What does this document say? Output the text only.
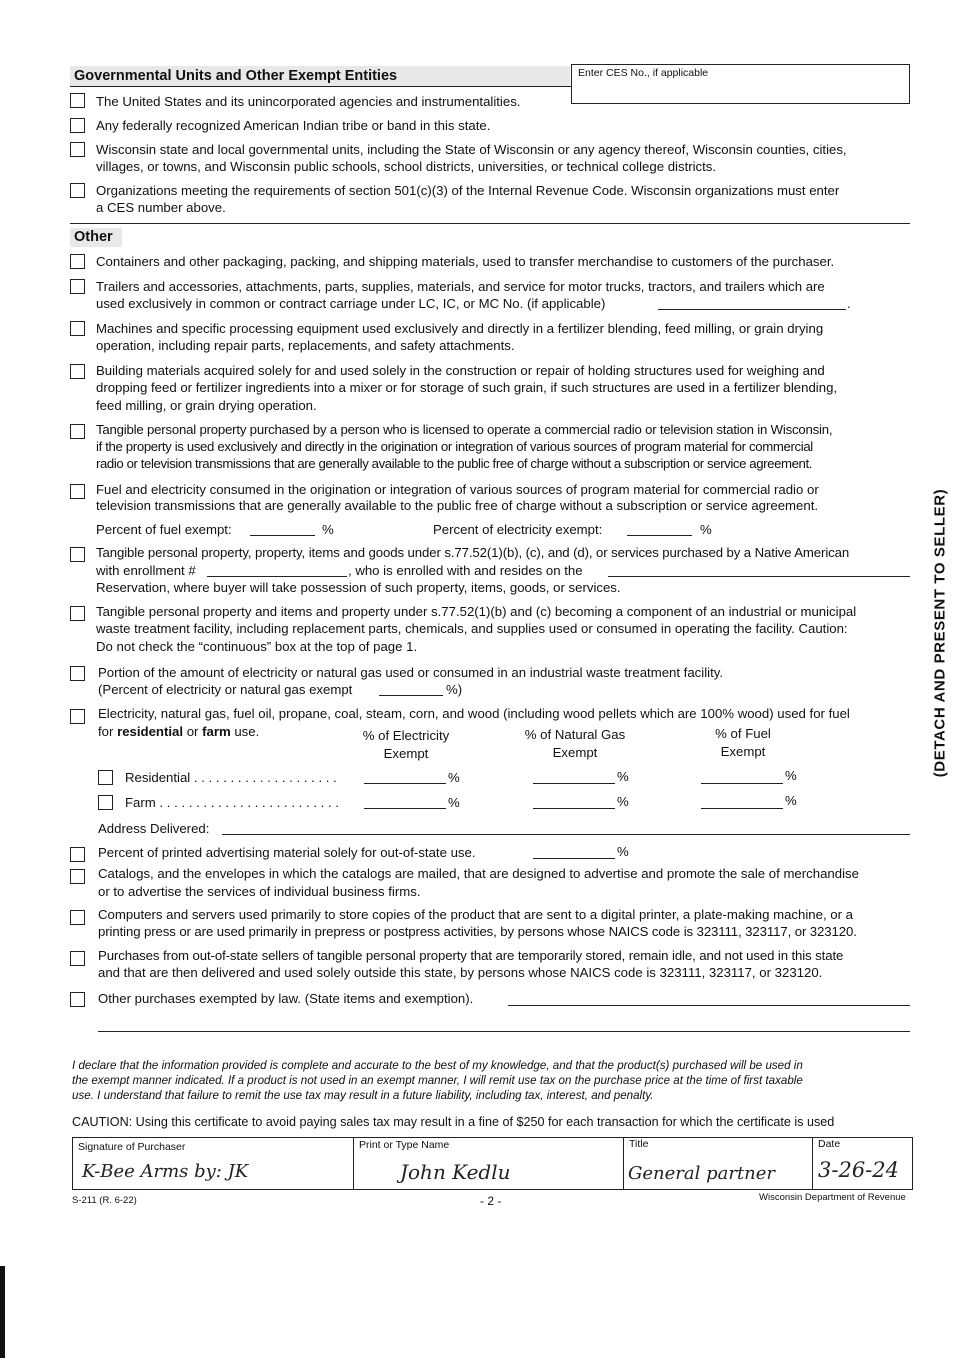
Governmental Units and Other Exempt Entities	Enter CES No., if applicable
The United States and its unincorporated agencies and instrumentalities.
Any federally recognized American Indian tribe or band in this state.
Wisconsin state and local governmental units, including the State of Wisconsin or any agency thereof, Wisconsin counties, cities,
villages, or towns, and Wisconsin public schools, school districts, universities, or technical college districts.
Organizations meeting the requirements of section 501(c)(3) of the Internal Revenue Code. Wisconsin organizations must enter
a CES number above.
Other
Containers and other packaging, packing, and shipping materials, used to transfer merchandise to customers of the purchaser.
Trailers and accessories, attachments, parts, supplies, materials, and service for motor trucks, tractors, and trailers which are
used exclusively in common or contract carriage under LC, IC, or MC No. (if applicable)	.
Machines and specific processing equipment used exclusively and directly in a fertilizer blending, feed milling, or grain drying
operation, including repair parts, replacements, and safety attachments.
Building materials acquired solely for and used solely in the construction or repair of holding structures used for weighing and
dropping feed or fertilizer ingredients into a mixer or for storage of such grain, if such structures are used in a fertilizer blending,
feed milling, or grain drying operation.
Tangible personal property purchased by a person who is licensed to operate a commercial radio or television station in Wisconsin,
if the property is used exclusively and directly in the origination or integration of various sources of program material for commercial
radio or television transmissions that are generally available to the public free of charge without a subscription or service agreement.
Fuel and electricity consumed in the origination or integration of various sources of program material for commercial radio or
television transmissions that are generally available to the public free of charge without a subscription or service agreement.
Percent of fuel exempt:	%	Percent of electricity exempt:	%
Tangible personal property, property, items and goods under s.77.52(1)(b), (c), and (d), or services purchased by a Native American
with enrollment #	, who is enrolled with and resides on the
Reservation, where buyer will take possession of such property, items, goods, or services.
Tangible personal property and items and property under s.77.52(1)(b) and (c) becoming a component of an industrial or municipal
waste treatment facility, including replacement parts, chemicals, and supplies used or consumed in operating the facility. Caution:
Do not check the “continuous” box at the top of page 1.
Portion of the amount of electricity or natural gas used or consumed in an industrial waste treatment facility.
(Percent of electricity or natural gas exempt	%)
Electricity, natural gas, fuel oil, propane, coal, steam, corn, and wood (including wood pellets which are 100% wood) used for fuel
for residential or farm use.	% of Electricity
Exempt
% of Natural Gas
Exempt
% of Fuel
Exempt
Residential . . . . . . . . . . . . . . . . . . . .	%	%	%
Farm . . . . . . . . . . . . . . . . . . . . . . . . .	%	%	%
Address Delivered:
Percent of printed advertising material solely for out-of-state use.	%
Catalogs, and the envelopes in which the catalogs are mailed, that are designed to advertise and promote the sale of merchandise
or to advertise the services of individual business firms.
Computers and servers used primarily to store copies of the product that are sent to a digital printer, a plate-making machine, or a
printing press or are used primarily in prepress or postpress activities, by persons whose NAICS code is 323111, 323117, or 323120.
Purchases from out-of-state sellers of tangible personal property that are temporarily stored, remain idle, and not used in this state
and that are then delivered and used solely outside this state, by persons whose NAICS code is 323111, 323117, or 323120.
Other purchases exempted by law. (State items and exemption).
I declare that the information provided is complete and accurate to the best of my knowledge, and that the product(s) purchased will be used in
the exempt manner indicated. If a product is not used in an exempt manner, I will remit use tax on the purchase price at the time of first taxable
use. I understand that failure to remit the use tax may result in a future liability, including tax, interest, and penalty.
CAUTION: Using this certificate to avoid paying sales tax may result in a fine of $250 for each transaction for which the certificate is used
Signature of Purchaser	Print or Type Name	Title	Date
K-Bee Arms by: JK	John Kedlu	General partner 3-26-24
S-211 (R. 6-22)	- 2 -	Wisconsin Department of Revenue
(DETACH AND PRESENT TO SELLER)
